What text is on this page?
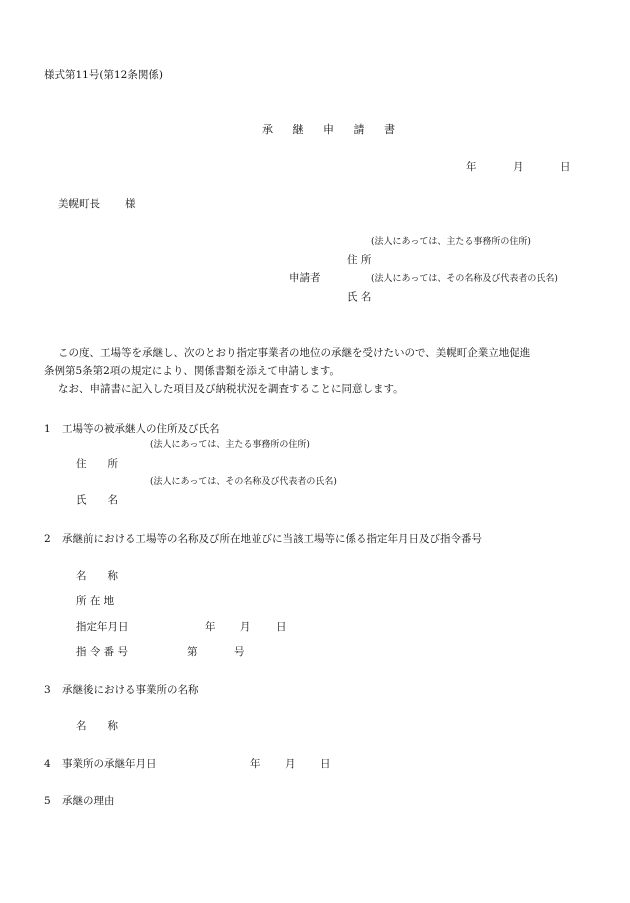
様式第11号(第12条関係)
承 継 申 請 書
年	月	日
美幌町長 様
(法人にあっては、主たる事務所の住所)
住 所
申請者	(法人にあっては、その名称及び代表者の氏名)
氏 名
この度、工場等を承継し、次のとおり指定事業者の地位の承継を受けたいので、美幌町企業立地促進
条例第5条第2項の規定により、関係書類を添えて申請します。
なお、申請書に記入した項目及び納税状況を調査することに同意します。
1 工場等の被承継人の住所及び氏名
(法人にあっては、主たる事務所の住所)
住　　所
(法人にあっては、その名称及び代表者の氏名)
氏　　名
2 承継前における工場等の名称及び所在地並びに当該工場等に係る指定年月日及び指令番号
名　　称
所 在 地
指定年月日	年 月 日
指 令 番 号	第	号
3 承継後における事業所の名称
名　　称
4 事業所の承継年月日	年 月 日
5 承継の理由
